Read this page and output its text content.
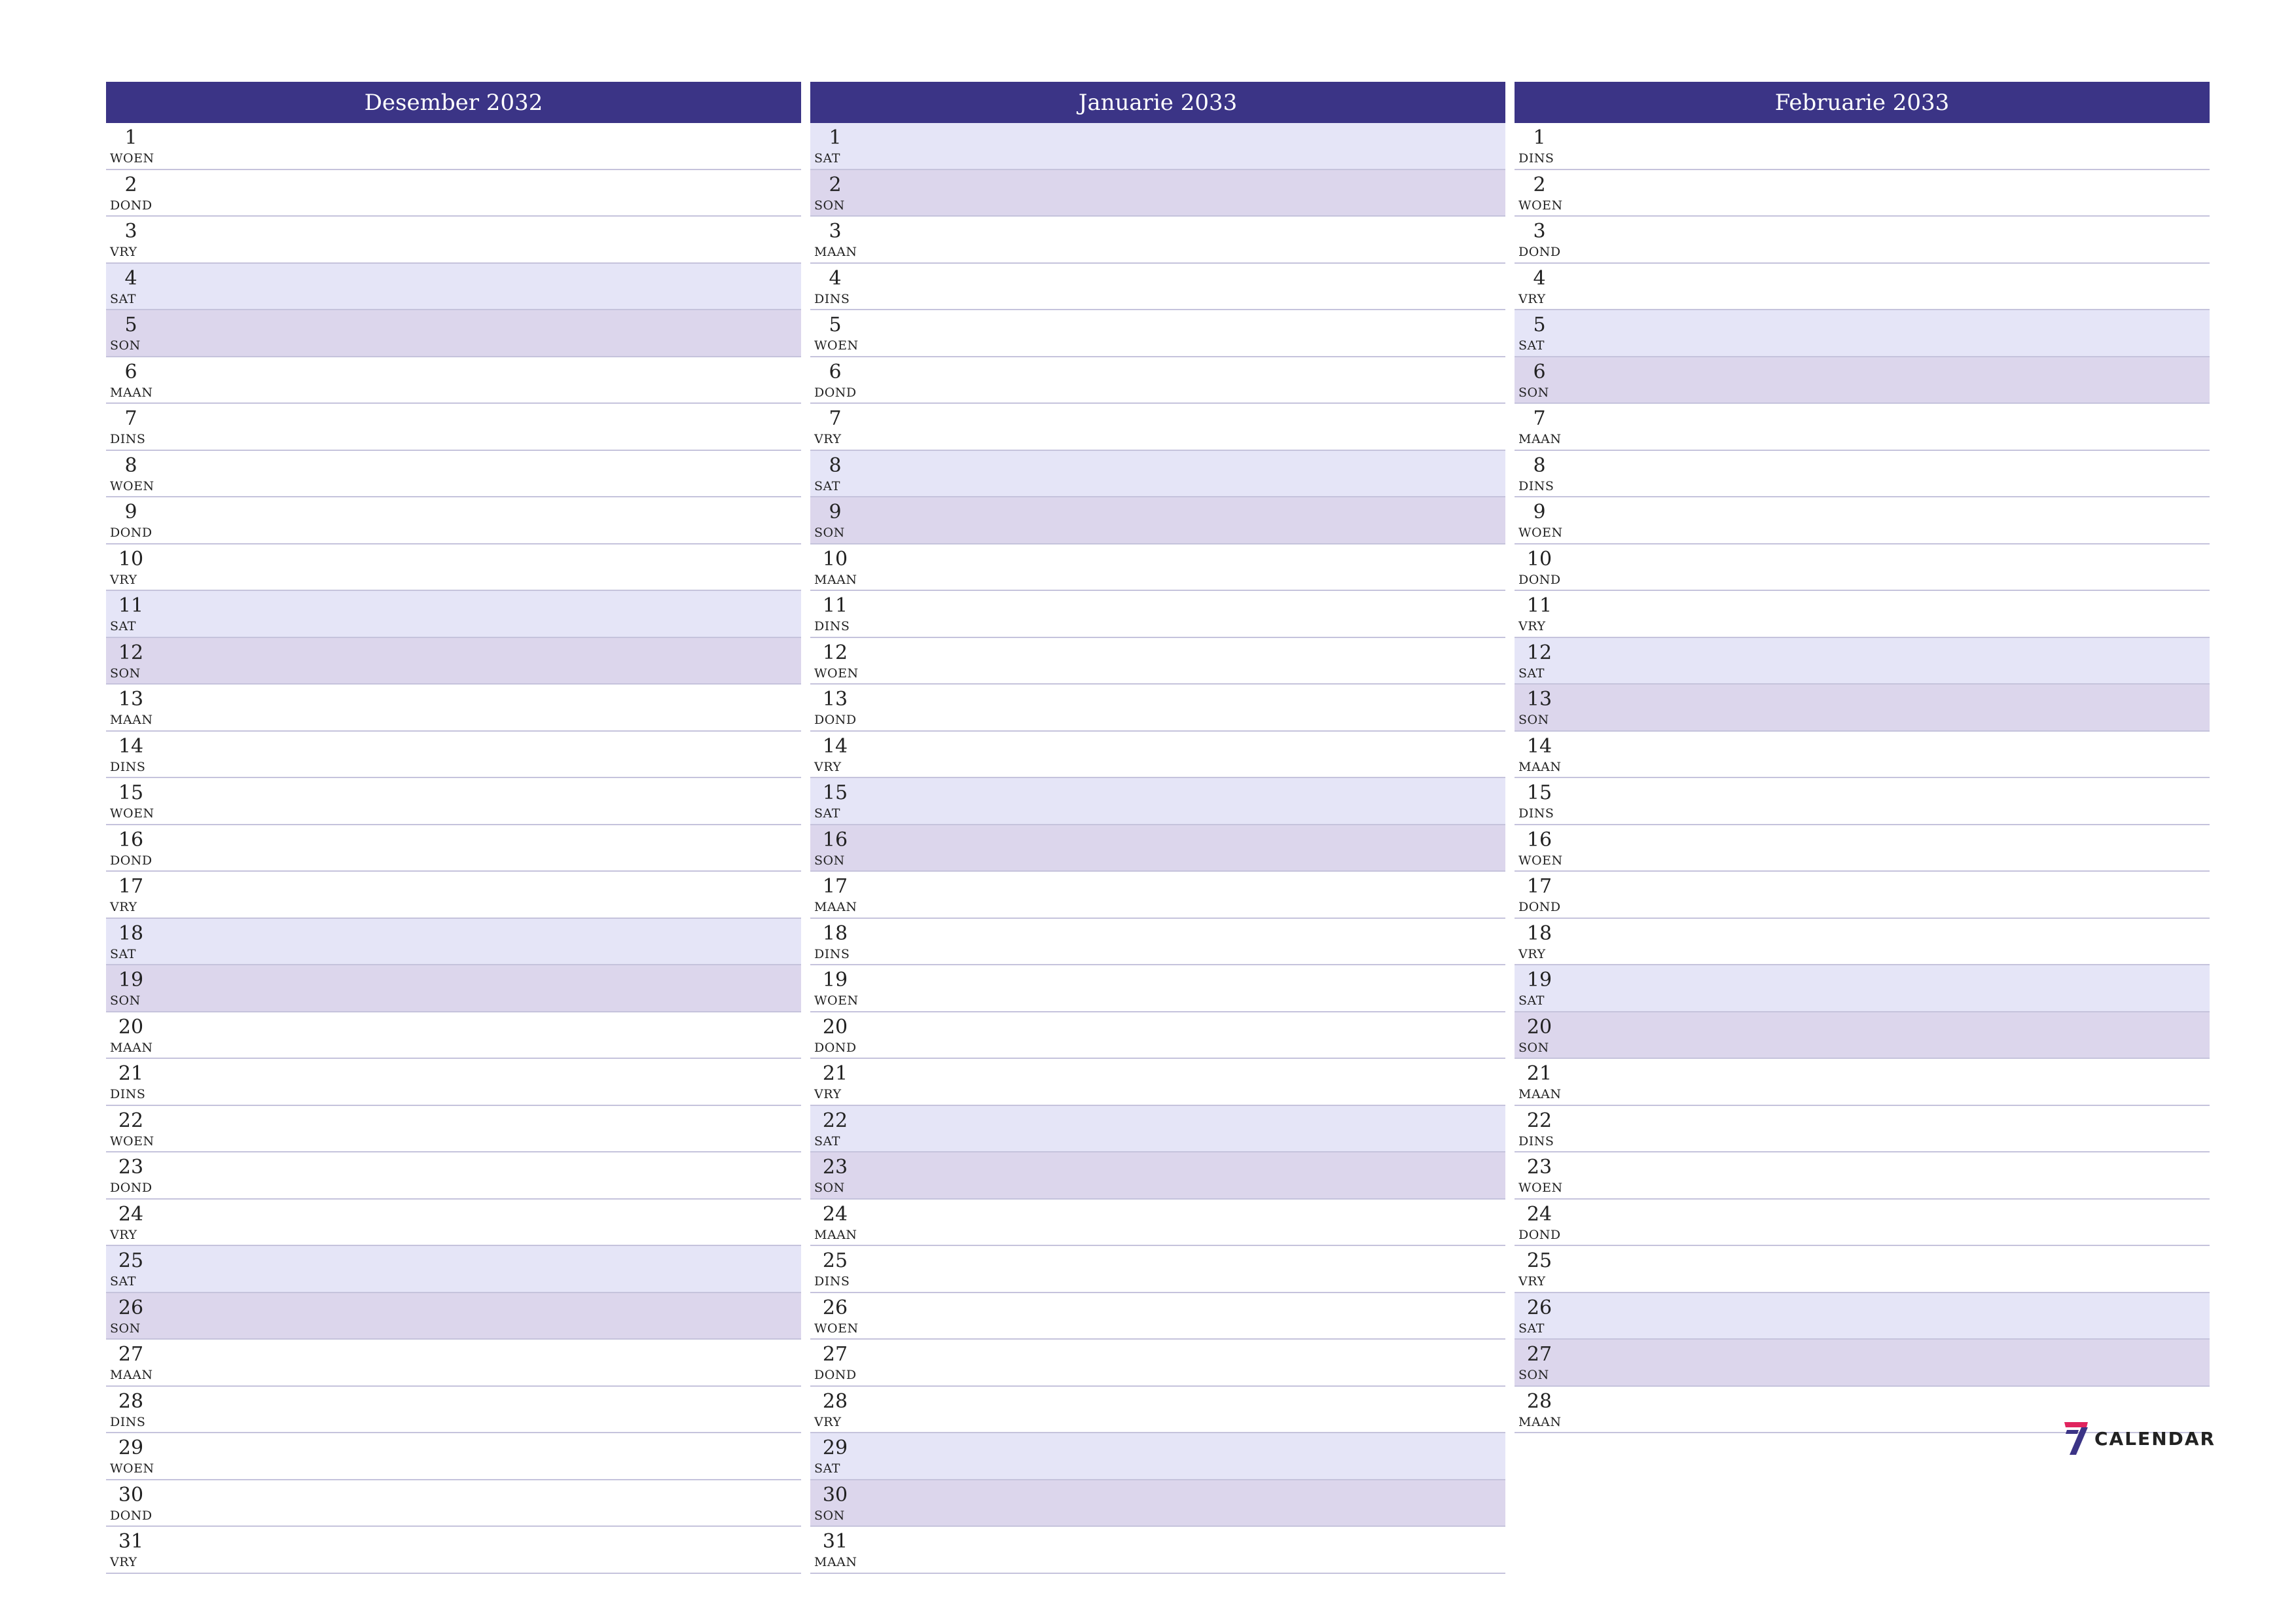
Desember 2032
1
WOEN
2
DOND
3
VRY
4
SAT
5
SON
6
MAAN
7
DINS
8
WOEN
9
DOND
10
VRY
11
SAT
12
SON
13
MAAN
14
DINS
15
WOEN
16
DOND
17
VRY
18
SAT
19
SON
20
MAAN
21
DINS
22
WOEN
23
DOND
24
VRY
25
SAT
26
SON
27
MAAN
28
DINS
29
WOEN
30
DOND
31
VRY
Januarie 2033
1
SAT
2
SON
3
MAAN
4
DINS
5
WOEN
6
DOND
7
VRY
8
SAT
9
SON
10
MAAN
11
DINS
12
WOEN
13
DOND
14
VRY
15
SAT
16
SON
17
MAAN
18
DINS
19
WOEN
20
DOND
21
VRY
22
SAT
23
SON
24
MAAN
25
DINS
26
WOEN
27
DOND
28
VRY
29
SAT
30
SON
31
MAAN
Februarie 2033
1
DINS
2
WOEN
3
DOND
4
VRY
5
SAT
6
SON
7
MAAN
8
DINS
9
WOEN
10
DOND
11
VRY
12
SAT
13
SON
14
MAAN
15
DINS
16
WOEN
17
DOND
18
VRY
19
SAT
20
SON
21
MAAN
22
DINS
23
WOEN
24
DOND
25
VRY
26
SAT
27
SON
28
MAAN
CALENDAR
